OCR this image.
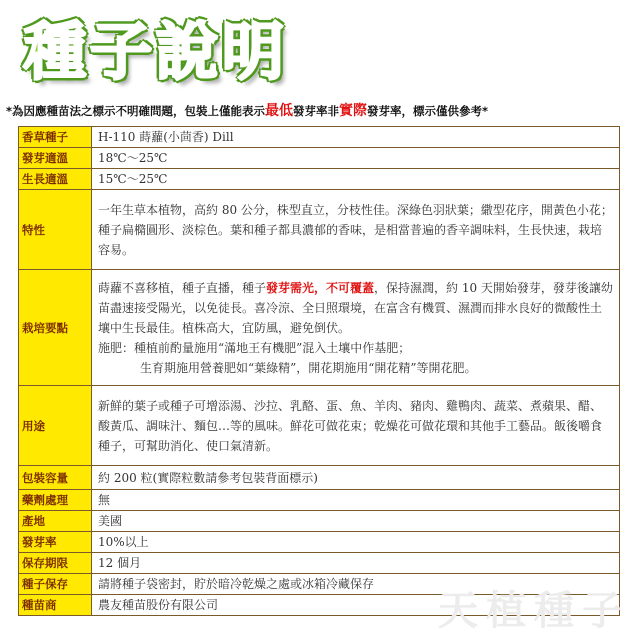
種子說明
*為因應種苗法之標示不明確問題，包裝上僅能表示最低發芽率非實際發芽率，標示僅供參考*
香草種子	H-110 蒔蘿(小茴香) Dill
發芽適溫	18℃～25℃
生長適溫	15℃～25℃
特性	一年生草本植物，高約 80 公分，株型直立，分枝性佳。深綠色羽狀葉；繖型花序，開黃色小花；種子扁橢圓形、淡棕色。葉和種子都具濃郁的香味，是相當普遍的香辛調味料，生長快速，栽培容易。
栽培要點	蒔蘿不喜移植，種子直播，種子發芽需光，不可覆蓋，保持濕潤，約 10 天開始發芽，發芽後讓幼苗盡速接受陽光，以免徒長。喜冷涼、全日照環境，在富含有機質、濕潤而排水良好的微酸性土壤中生長最佳。植株高大，宜防風，避免倒伏。

施肥：種植前酌量施用“滿地王有機肥”混入土壤中作基肥；

生育期施用營養肥如“葉綠精”，開花期施用“開花精”等開花肥。

用途	新鮮的葉子或種子可增添湯、沙拉、乳酪、蛋、魚、羊肉、豬肉、雞鴨肉、蔬菜、煮蘋果、醋、酸黃瓜、調味汁、麵包…等的風味。鮮花可做花束；乾燥花可做花環和其他手工藝品。飯後嚼食種子，可幫助消化、使口氣清新。
包裝容量	約 200 粒(實際粒數請參考包裝背面標示)
藥劑處理	無
產地	美國
發芽率	10%以上
保存期限	12 個月
種子保存	請將種子袋密封，貯於暗冷乾燥之處或冰箱冷藏保存
種苗商	農友種苗股份有限公司	天植種子
